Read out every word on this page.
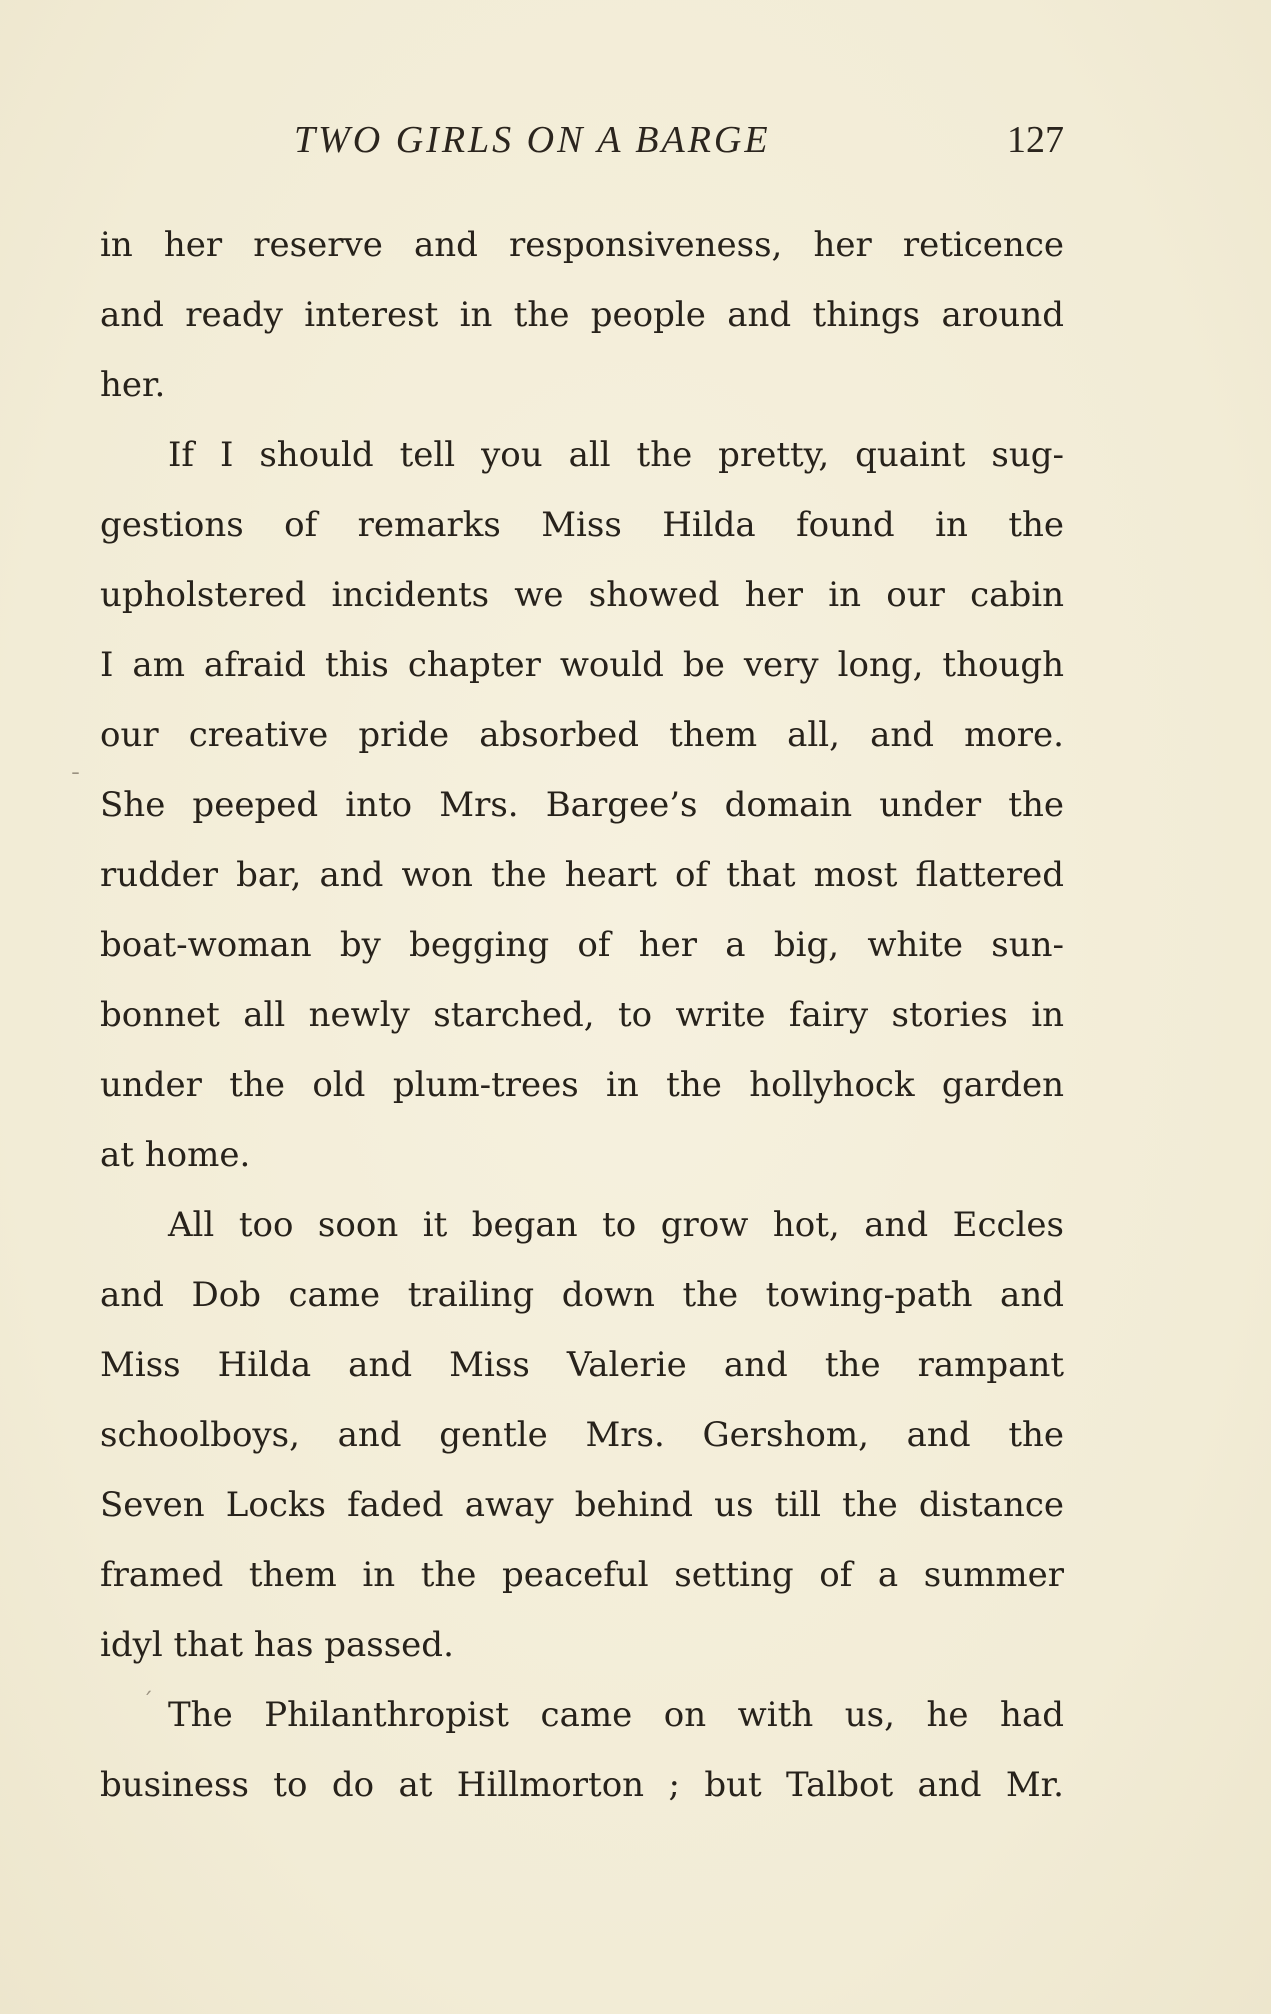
TWO GIRLS ON A BARGE	127
ˉ
ˊ
in her reserve and responsiveness, her reticence
and ready interest in the people and things around
her.
If I should tell you all the pretty, quaint sug-
gestions of remarks Miss Hilda found in the
upholstered incidents we showed her in our cabin
I am afraid this chapter would be very long, though
our creative pride absorbed them all, and more.
She peeped into Mrs. Bargee’s domain under the
rudder bar, and won the heart of that most flattered
boat-woman by begging of her a big, white sun-
bonnet all newly starched, to write fairy stories in
under the old plum-trees in the hollyhock garden
at home.
All too soon it began to grow hot, and Eccles
and Dob came trailing down the towing-path and
Miss Hilda and Miss Valerie and the rampant
schoolboys, and gentle Mrs. Gershom, and the
Seven Locks faded away behind us till the distance
framed them in the peaceful setting of a summer
idyl that has passed.
The Philanthropist came on with us, he had
business to do at Hillmorton ; but Talbot and Mr.
